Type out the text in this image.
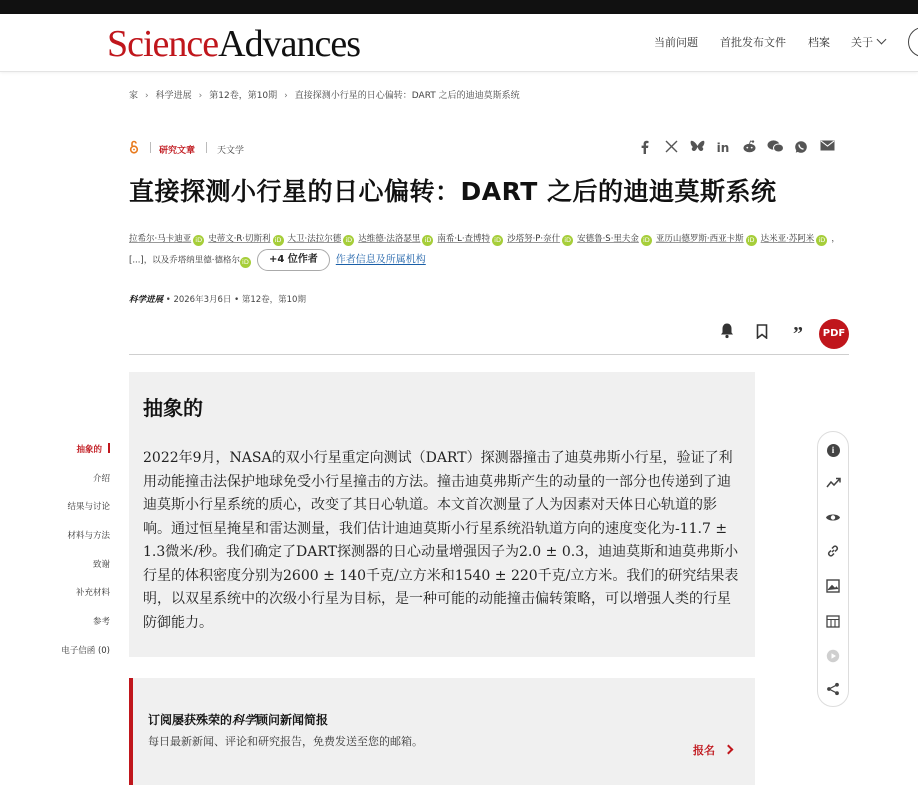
ScienceAdvances	当前问题 首批发布文件 档案 关于
家 › 科学进展 › 第12卷，第10期 › 直接探测小行星的日心偏转：DART 之后的迪迪莫斯系统
研究文章 天文学	in
直接探测小行星的日心偏转：DART 之后的迪迪莫斯系统
拉希尔·马卡迪亚 iD 史蒂文·R·切斯利 iD 大卫·法拉尔德 iD 达维德·法洛瑟里 iD 南希·L·查博特 iD 沙塔努·P·奈什 iD 安德鲁·S·里夫金 iD 亚历山德罗斯·西亚卡斯 iD 达米亚·苏阿米 iD ，[...]，以及乔塔纳里德·德格尔 iD +4 位作者 作者信息及所属机构
科学进展 • 2026年3月6日 • 第12卷，第10期
”	PDF
抽象的
介绍
结果与讨论
材料与方法
致谢
补充材料
参考
电子信函 (0)
抽象的

2022年9月，NASA的双小行星重定向测试（DART）探测器撞击了迪莫弗斯小行星，验证了利用动能撞击法保护地球免受小行星撞击的方法。撞击迪莫弗斯产生的动量的一部分也传递到了迪迪莫斯小行星系统的质心，改变了其日心轨道。本文首次测量了人为因素对天体日心轨道的影响。通过恒星掩星和雷达测量，我们估计迪迪莫斯小行星系统沿轨道方向的速度变化为-11.7 ± 1.3微米/秒。我们确定了DART探测器的日心动量增强因子为2.0 ± 0.3，迪迪莫斯和迪莫弗斯小行星的体积密度分别为2600 ± 140千克/立方米和1540 ± 220千克/立方米。我们的研究结果表明，以双星系统中的次级小行星为目标，是一种可能的动能撞击偏转策略，可以增强人类的行星防御能力。

i
订阅屡获殊荣的科学顾问新闻简报
每日最新新闻、评论和研究报告，免费发送至您的邮箱。
报名
